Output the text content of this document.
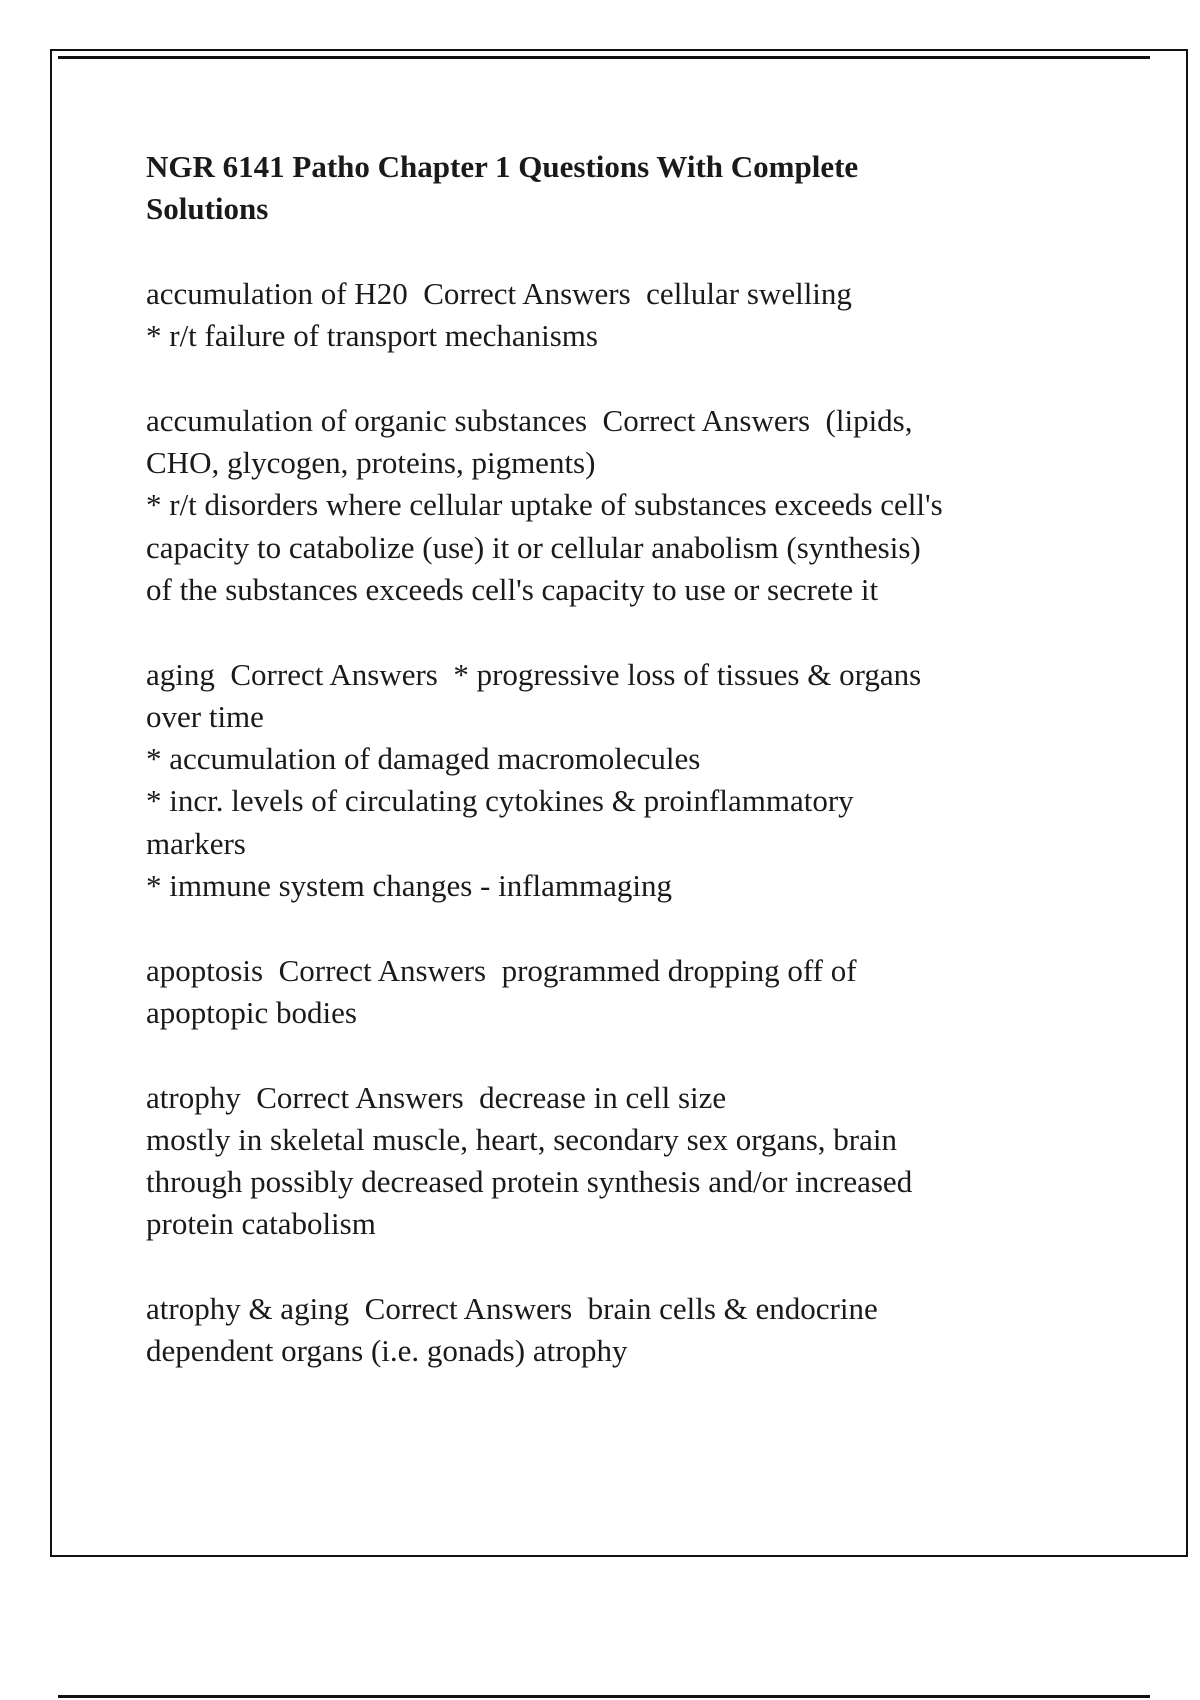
NGR 6141 Patho Chapter 1 Questions With Complete
Solutions
accumulation of H20  Correct Answers  cellular swelling
* r/t failure of transport mechanisms
accumulation of organic substances  Correct Answers  (lipids,
CHO, glycogen, proteins, pigments)
* r/t disorders where cellular uptake of substances exceeds cell's
capacity to catabolize (use) it or cellular anabolism (synthesis)
of the substances exceeds cell's capacity to use or secrete it
aging  Correct Answers  * progressive loss of tissues & organs
over time
* accumulation of damaged macromolecules
* incr. levels of circulating cytokines & proinflammatory
markers
* immune system changes - inflammaging
apoptosis  Correct Answers  programmed dropping off of
apoptopic bodies
atrophy  Correct Answers  decrease in cell size
mostly in skeletal muscle, heart, secondary sex organs, brain
through possibly decreased protein synthesis and/or increased
protein catabolism
atrophy & aging  Correct Answers  brain cells & endocrine
dependent organs (i.e. gonads) atrophy
